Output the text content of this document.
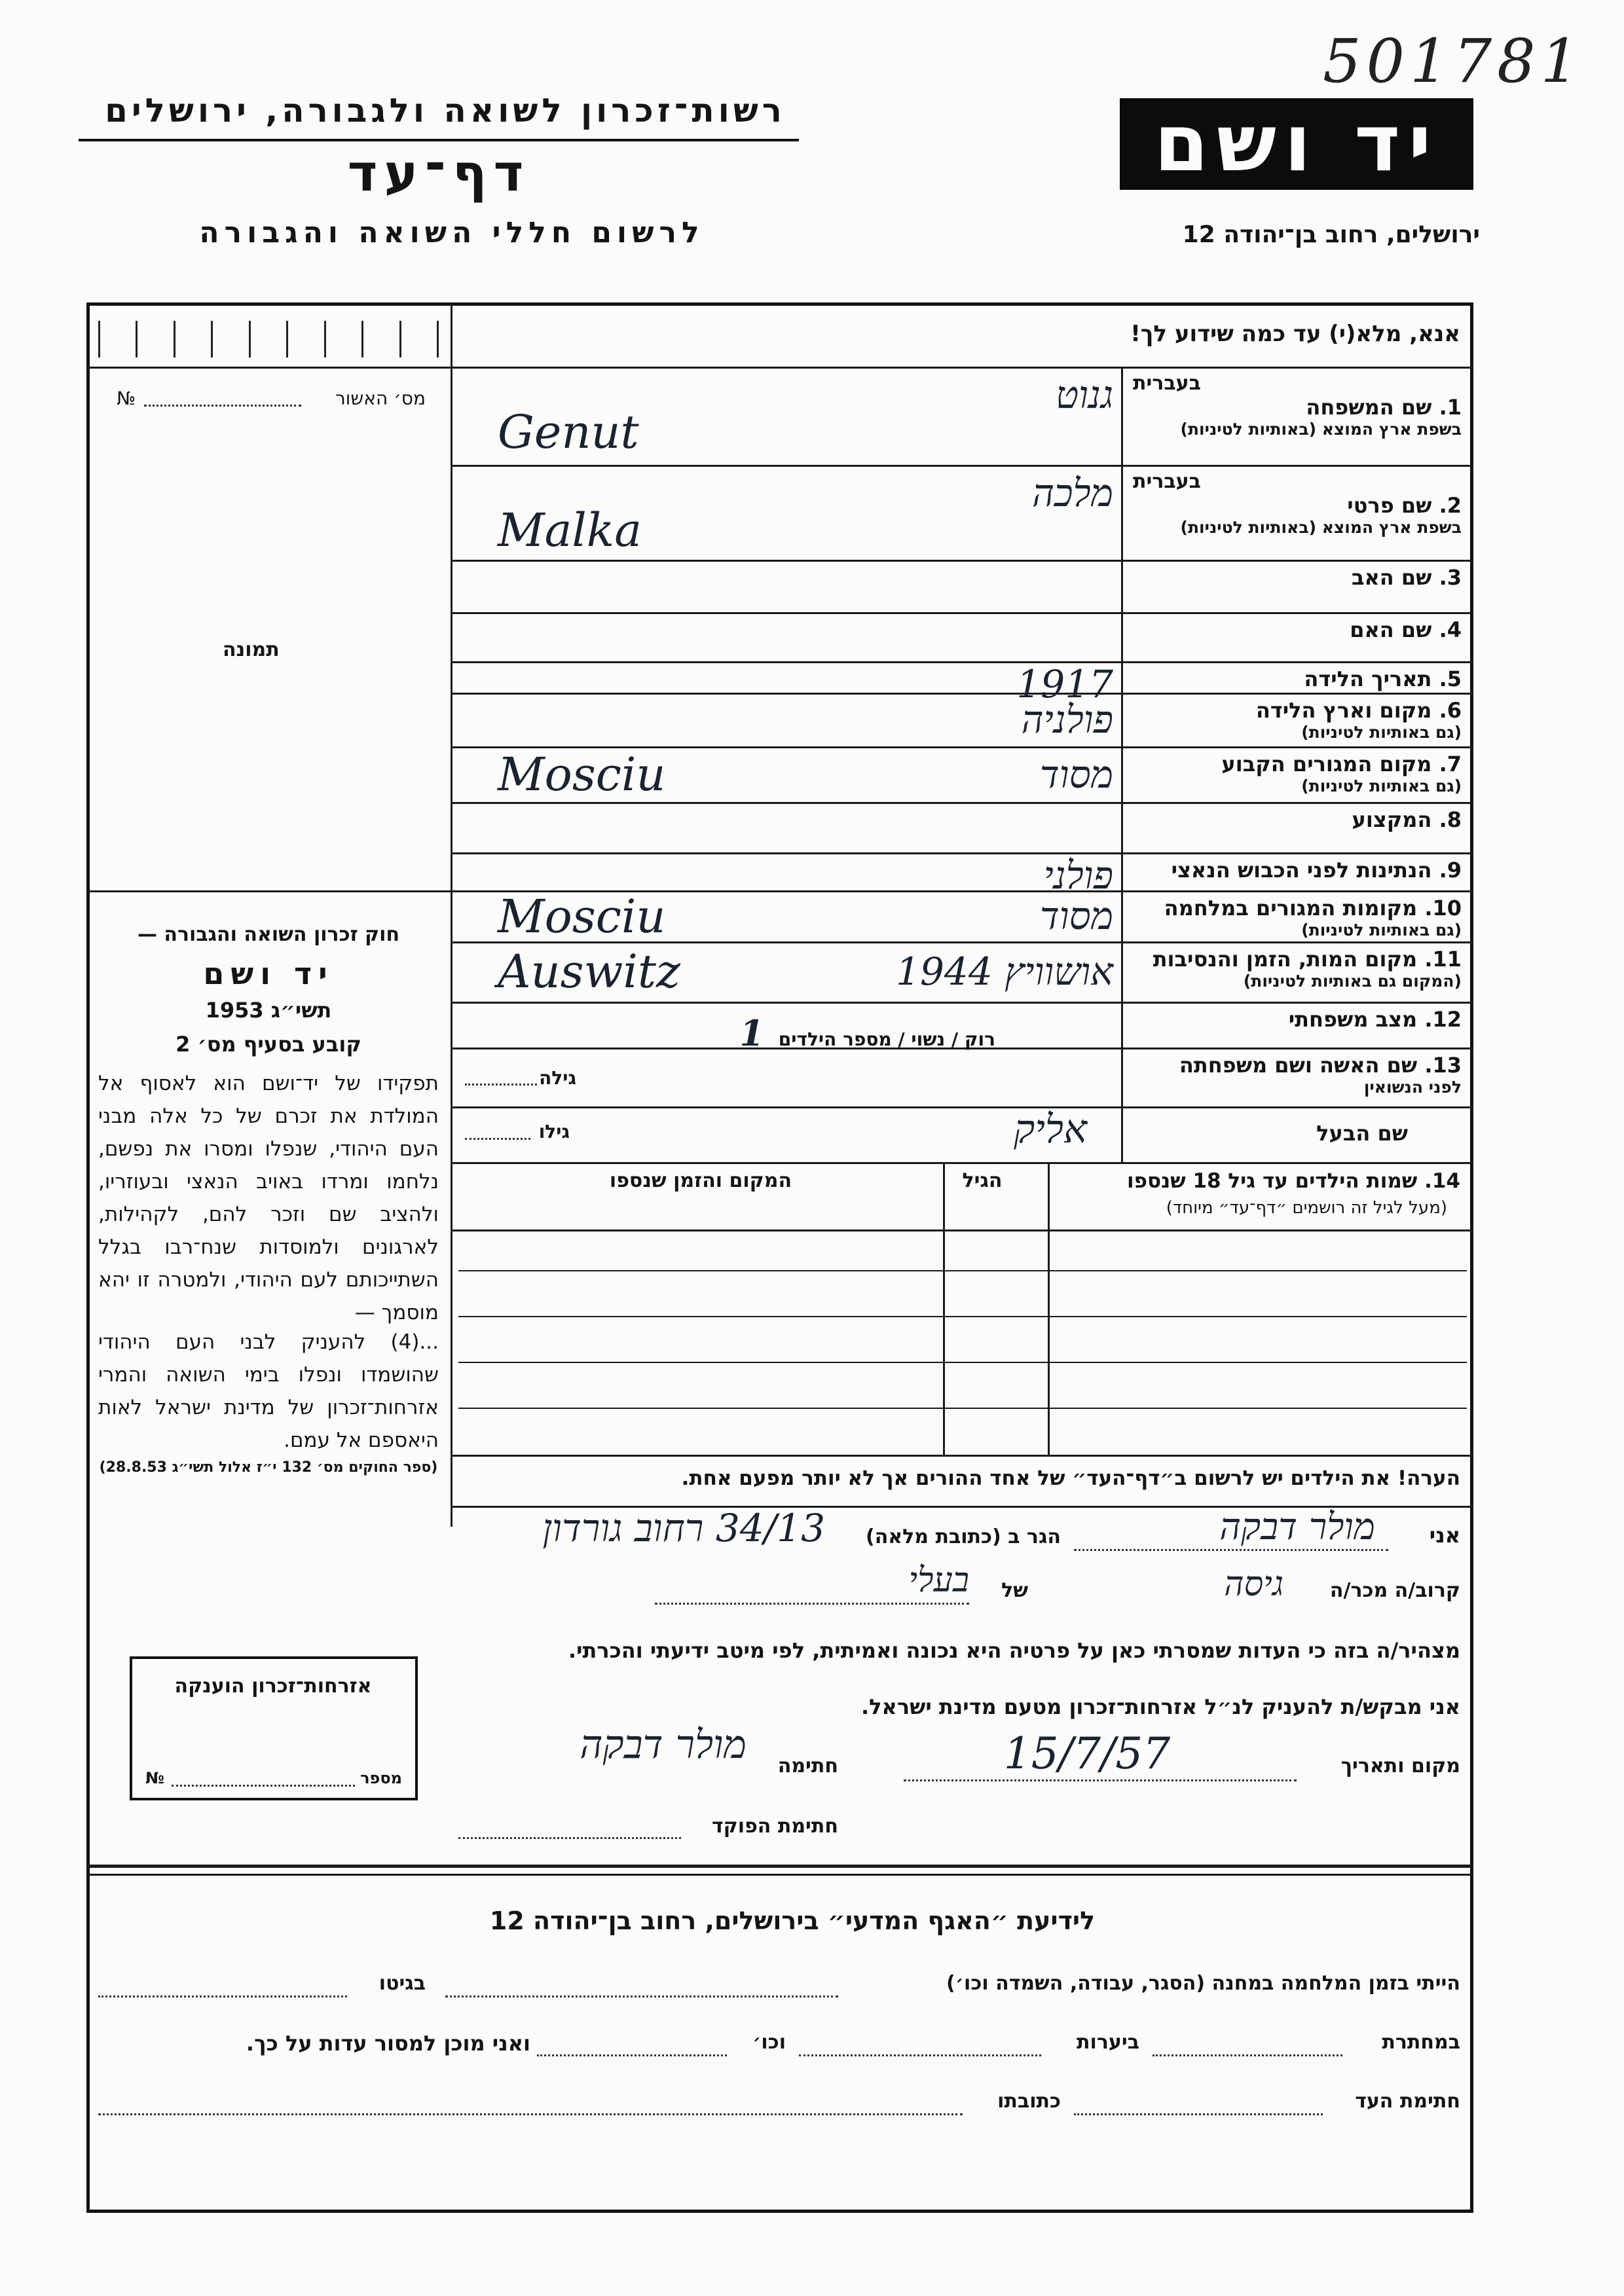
501781
רשות־זכרון לשואה ולגבורה, ירושלים
דף־עד
לרשום חללי השואה והגבורה
יד ושם
ירושלים, רחוב בן־יהודה 12
אנא, מלא(י) עד כמה שידוע לך!
מס׳ האשור
№
תמונה
בעברית
1. שם המשפחה
בשפת ארץ המוצא (באותיות לטיניות)
גנוט
Genut
בעברית
2. שם פרטי
בשפת ארץ המוצא (באותיות לטיניות)
מלכה
Malka
3. שם האב
4. שם האם
5. תאריך הלידה
1917
6. מקום וארץ הלידה
(גם באותיות לטיניות)
פולניה
7. מקום המגורים הקבוע
(גם באותיות לטיניות)
מסוד
Mosciu
8. המקצוע
9. הנתינות לפני הכבוש הנאצי
פולני
10. מקומות המגורים במלחמה
(גם באותיות לטיניות)
מסוד
Mosciu
11. מקום המות, הזמן והנסיבות
(המקום גם באותיות לטיניות)
אושוויץ 1944
Auswitz
12. מצב משפחתי
13. שם האשה ושם משפחתה
לפני הנשואין
רוק / נשוי / מספר הילדים 1
גילה
שם הבעל
אליק
גילו
14. שמות הילדים עד גיל 18 שנספו
(מעל לגיל זה רושמים ״דף־עד״ מיוחד)
הגיל
המקום והזמן שנספו
הערה! את הילדים יש לרשום ב״דף־העד״ של אחד ההורים אך לא יותר מפעם אחת.
חוק זכרון השואה והגבורה —
יד ושם
תשי״ג 1953
קובע בסעיף מס׳ 2
תפקידו של יד־ושם הוא לאסוף אל המולדת את זכרם של כל אלה מבני העם היהודי, שנפלו ומסרו את נפשם, נלחמו ומרדו באויב הנאצי ובעוזריו, ולהציב שם וזכר להם, לקהילות, לארגונים ולמוסדות שנח־רבו בגלל השתייכותם לעם היהודי, ולמטרה זו יהא מוסמך —
...(4) להעניק לבני העם היהודי שהושמדו ונפלו בימי השואה והמרי אזרחות־זכרון של מדינת ישראל לאות היאספם אל עמם.
(ספר החוקים מס׳ 132 י״ז אלול תשי״ג 28.8.53)
אני
מולר דבקה
הגר ב (כתובת מלאה)
34/13 רחוב גורדון
קרוב/ה מכר/ה
גיסה
של
בעלי
מצהיר/ה בזה כי העדות שמסרתי כאן על פרטיה היא נכונה ואמיתית, לפי מיטב ידיעתי והכרתי.
אני מבקש/ת להעניק לנ״ל אזרחות־זכרון מטעם מדינת ישראל.
מקום ותאריך
15/7/57
חתימה
מולר דבקה
חתימת הפוקד
אזרחות־זכרון הוענקה
מספר
№
לידיעת ״האגף המדעי״ בירושלים, רחוב בן־יהודה 12
הייתי בזמן המלחמה במחנה (הסגר, עבודה, השמדה וכו׳)
בגיטו
במחתרת
ביערות
וכו׳
ואני מוכן למסור עדות על כך.
חתימת העד
כתובתו
